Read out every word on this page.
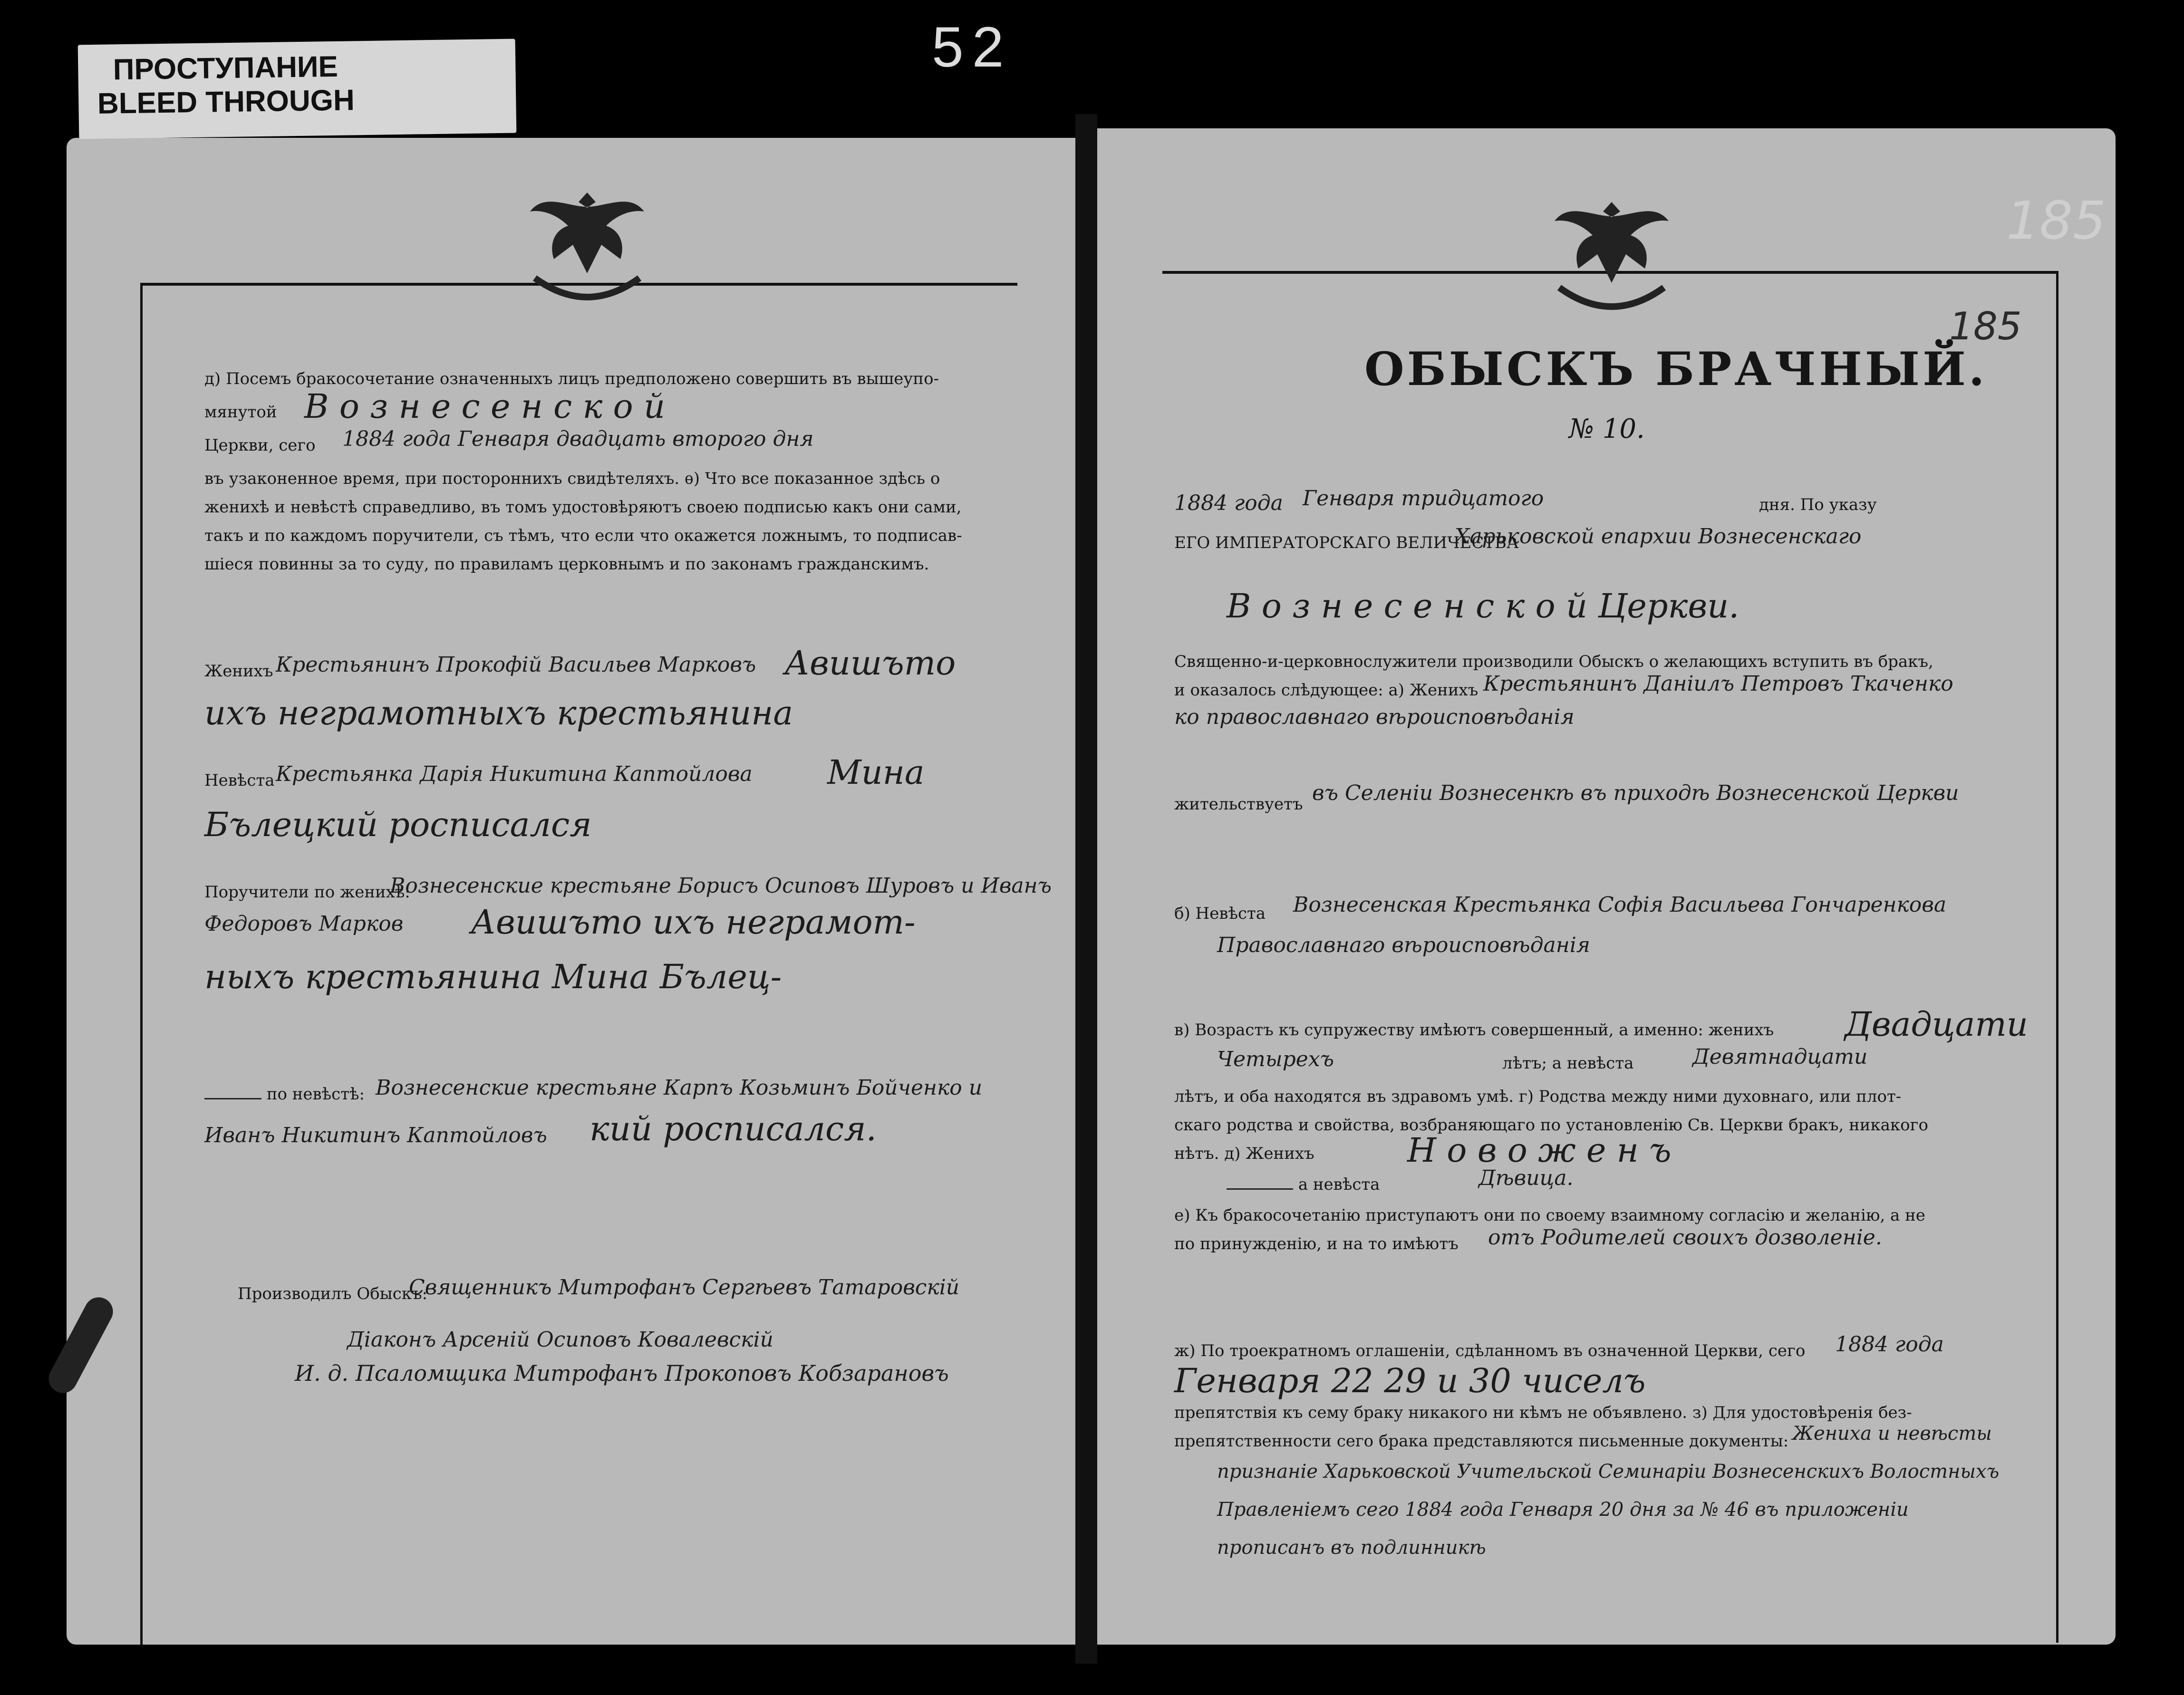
ПРОСТУПАНИЕ
BLEED THROUGH
52
185
185
д) Посемъ бракосочетание означенныхъ лицъ предположено совершить въ вышеупо-
мянутой В о з н е с е н с к о й
Церкви, сего 1884 года Генваря двадцать второго дня
въ узаконенное время, при постороннихъ свидѣтеляхъ. ѳ) Что все показанное здѣсь о
женихѣ и невѣстѣ справедливо, въ томъ удостовѣряютъ своею подписью какъ они сами,
такъ и по каждомъ поручители, съ тѣмъ, что если что окажется ложнымъ, то подписав-
шіеся повинны за то суду, по правиламъ церковнымъ и по законамъ гражданскимъ.
Женихъ Крестьянинъ Прокофій Васильев Марковъ Авишъто
ихъ неграмотныхъ крестьянина
Невѣста Крестьянка Дарія Никитина Каптойлова Мина
Бълецкий росписался
Поручители по женихѣ:
Вознесенские крестьяне Борисъ Осиповъ Шуровъ и Иванъ
Федоровъ Марков Авишъто ихъ неграмот-
ныхъ крестьянина Мина Бълец-
по невѣстѣ: Вознесенские крестьяне Карпъ Козьминъ Бойченко и
Иванъ Никитинъ Каптойловъ кий росписался.
Производилъ Обыскъ:
Священникъ Митрофанъ Сергѣевъ Татаровскій
Діаконъ Арсеній Осиповъ Ковалевскій
И. д. Псаломщика Митрофанъ Прокоповъ Кобзарановъ
ОБЫСКЪ БРАЧНЫЙ.
№ 10.
1884 года Генваря тридцатого	дня. По указу
ЕГО ИМПЕРАТОРСКАГО ВЕЛИЧЕСТВА
Харьковской епархии Вознесенскаго
В о з н е с е н с к о й Церкви.
Священно-и-церковнослужители производили Обыскъ о желающихъ вступить въ бракъ,
и оказалось слѣдующее: а) Женихъ Крестьянинъ Даніилъ Петровъ Ткаченко
ко православнаго вѣроисповѣданія
жительствуетъ въ Селеніи Вознесенкѣ въ приходѣ Вознесенской Церкви
б) Невѣста Вознесенская Крестьянка Софія Васильева Гончаренкова
Православнаго вѣроисповѣданія
в) Возрастъ къ супружеству имѣютъ совершенный, а именно: женихъ Двадцати
Четырехъ	лѣтъ; а невѣста	Девятнадцати
лѣтъ, и оба находятся въ здравомъ умѣ. г) Родства между ними духовнаго, или плот-
скаго родства и свойства, возбраняющаго по установленію Св. Церкви бракъ, никакого
нѣтъ. д) Женихъ	Н о в о ж е н ъ
а невѣста	Дѣвица.
е) Къ бракосочетанію приступаютъ они по своему взаимному согласію и желанію, а не
по принужденію, и на то имѣютъ отъ Родителей своихъ дозволеніе.
ж) По троекратномъ оглашеніи, сдѣланномъ въ означенной Церкви, сего 1884 года
Генваря 22 29 и 30 чиселъ
препятствія къ сему браку никакого ни кѣмъ не объявлено. з) Для удостовѣренія без-
препятственности сего брака представляются письменные документы: Жениха и невѣсты
признаніе Харьковской Учительской Семинаріи Вознесенскихъ Волостныхъ
Правленіемъ сего 1884 года Генваря 20 дня за № 46 въ приложеніи
прописанъ въ подлинникѣ
